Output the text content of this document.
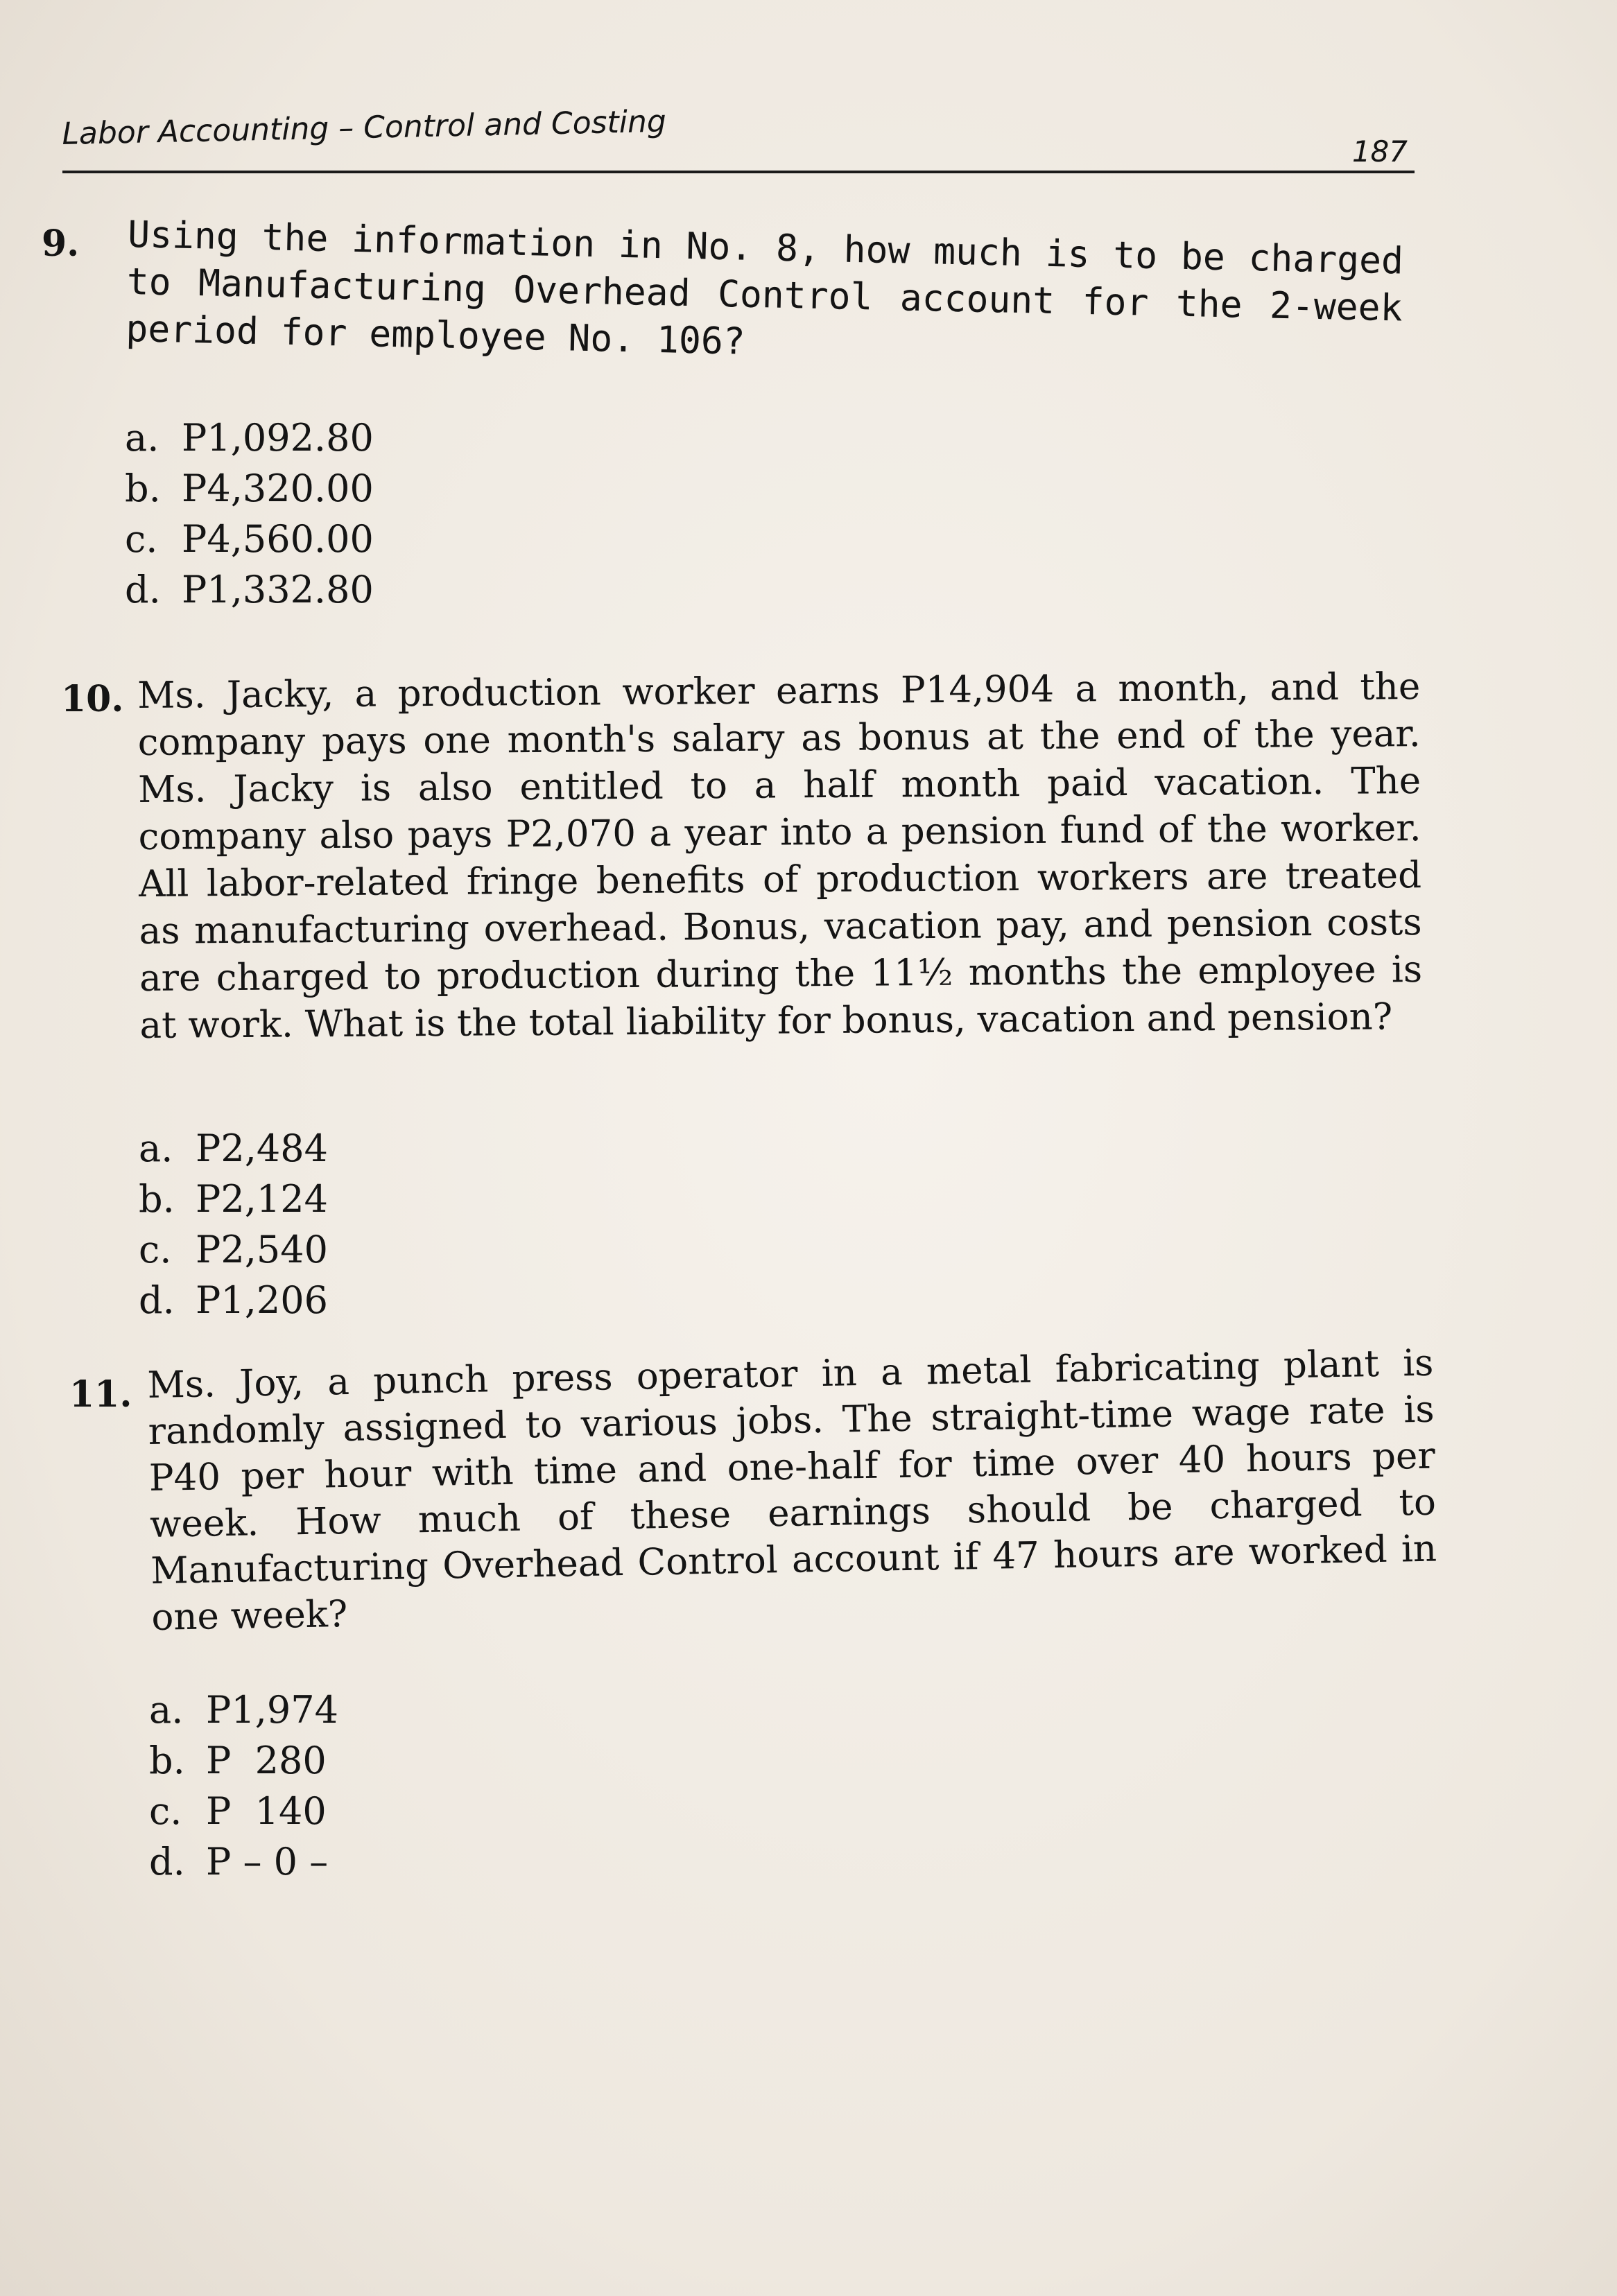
Labor Accounting – Control and Costing	187
9. Using the information in No. 8, how much is to be charged to Manufacturing Overhead Control account for the 2-week period for employee No. 106?
a. P1,092.80
b. P4,320.00
c. P4,560.00
d. P1,332.80
10. Ms. Jacky, a production worker earns P14,904 a month, and the company pays one month's salary as bonus at the end of the year. Ms. Jacky is also entitled to a half month paid vacation. The company also pays P2,070 a year into a pension fund of the worker. All labor-related fringe benefits of production workers are treated as manufacturing overhead. Bonus, vacation pay, and pension costs are charged to production during the 11½ months the employee is at work. What is the total liability for bonus, vacation and pension?
a. P2,484
b. P2,124
c. P2,540
d. P1,206
11. Ms. Joy, a punch press operator in a metal fabricating plant is randomly assigned to various jobs. The straight-time wage rate is P40 per hour with time and one-half for time over 40 hours per week. How much of these earnings should be charged to Manufacturing Overhead Control account if 47 hours are worked in one week?
a. P1,974
b. P  280
c. P  140
d. P – 0 –
